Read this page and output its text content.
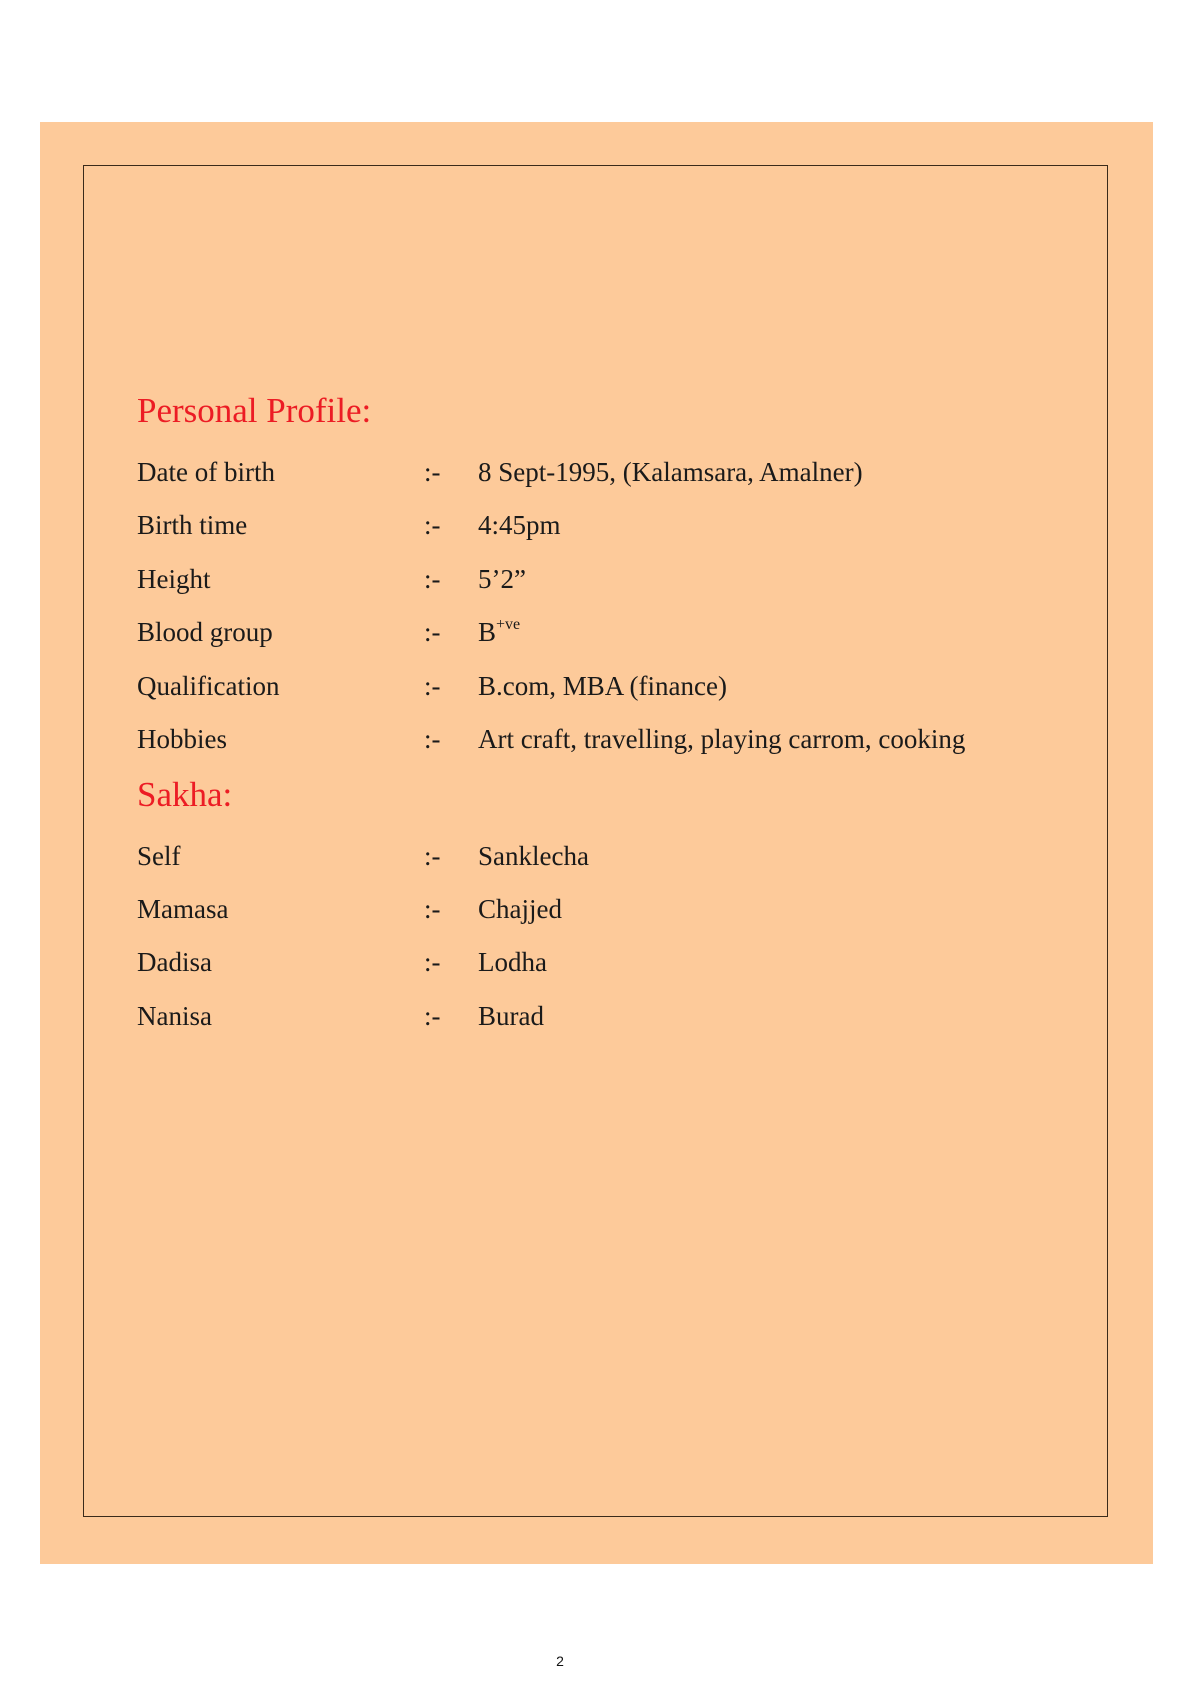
Personal Profile:
Date of birth	:- 8 Sept-1995, (Kalamsara, Amalner)
Birth time	:- 4:45pm
Height	:- 5’2”
Blood group	:- $B^{+ve}$
Qualification	:- B.com, MBA (finance)
Hobbies	:- Art craft, travelling, playing carrom, cooking
Sakha:
Self	:- Sanklecha
Mamasa	:- Chajjed
Dadisa	:- Lodha
Nanisa	:- Burad
2
